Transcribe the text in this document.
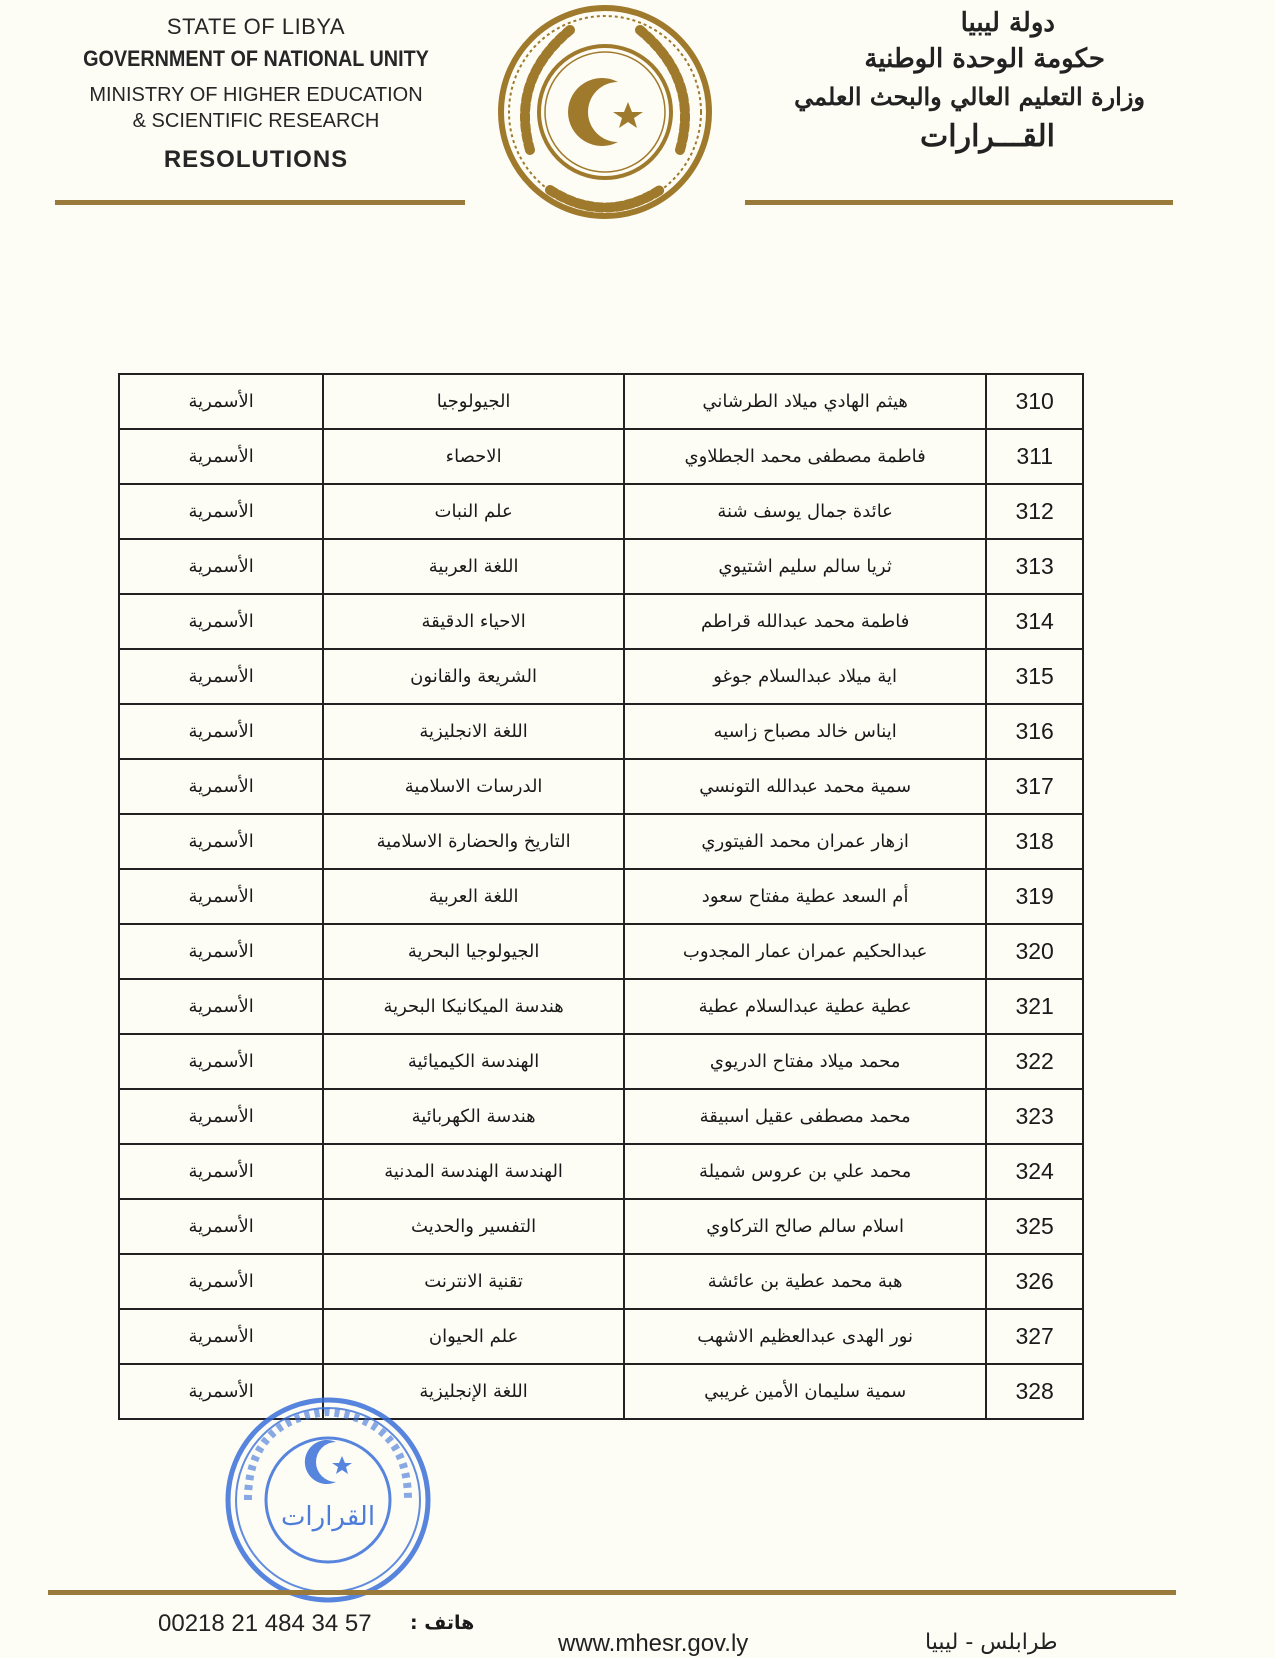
STATE OF LIBYA
GOVERNMENT OF NATIONAL UNITY
MINISTRY OF HIGHER EDUCATION
& SCIENTIFIC RESEARCH
RESOLUTIONS
دولة ليبيا
حكومة الوحدة الوطنية
وزارة التعليم العالي والبحث العلمي
القـــرارات
310	هيثم الهادي ميلاد الطرشاني	الجيولوجيا	الأسمرية
311	فاطمة مصطفى محمد الجطلاوي	الاحصاء	الأسمرية
312	عائدة جمال يوسف شنة	علم النبات	الأسمرية
313	ثريا سالم سليم اشتيوي	اللغة العربية	الأسمرية
314	فاطمة محمد عبدالله قراطم	الاحياء الدقيقة	الأسمرية
315	اية ميلاد عبدالسلام جوغو	الشريعة والقانون	الأسمرية
316	ايناس خالد مصباح زاسيه	اللغة الانجليزية	الأسمرية
317	سمية محمد عبدالله التونسي	الدرسات الاسلامية	الأسمرية
318	ازهار عمران محمد الفيتوري	التاريخ والحضارة الاسلامية	الأسمرية
319	أم السعد عطية مفتاح سعود	اللغة العربية	الأسمرية
320	عبدالحكيم عمران عمار المجدوب	الجيولوجيا البحرية	الأسمرية
321	عطية عطية عبدالسلام عطية	هندسة الميكانيكا البحرية	الأسمرية
322	محمد ميلاد مفتاح الدريوي	الهندسة الكيميائية	الأسمرية
323	محمد مصطفى عقيل اسبيقة	هندسة الكهربائية	الأسمرية
324	محمد علي بن عروس شميلة	الهندسة الهندسة المدنية	الأسمرية
325	اسلام سالم صالح التركاوي	التفسير والحديث	الأسمرية
326	هبة محمد عطية بن عائشة	تقنية الانترنت	الأسمرية
327	نور الهدى عبدالعظيم الاشهب	علم الحيوان	الأسمرية
328	سمية سليمان الأمين غريبي	اللغة الإنجليزية	الأسمرية
القرارات
00218 21 484 34 57 هاتف :
www.mhesr.gov.ly	طرابلس - ليبيا
